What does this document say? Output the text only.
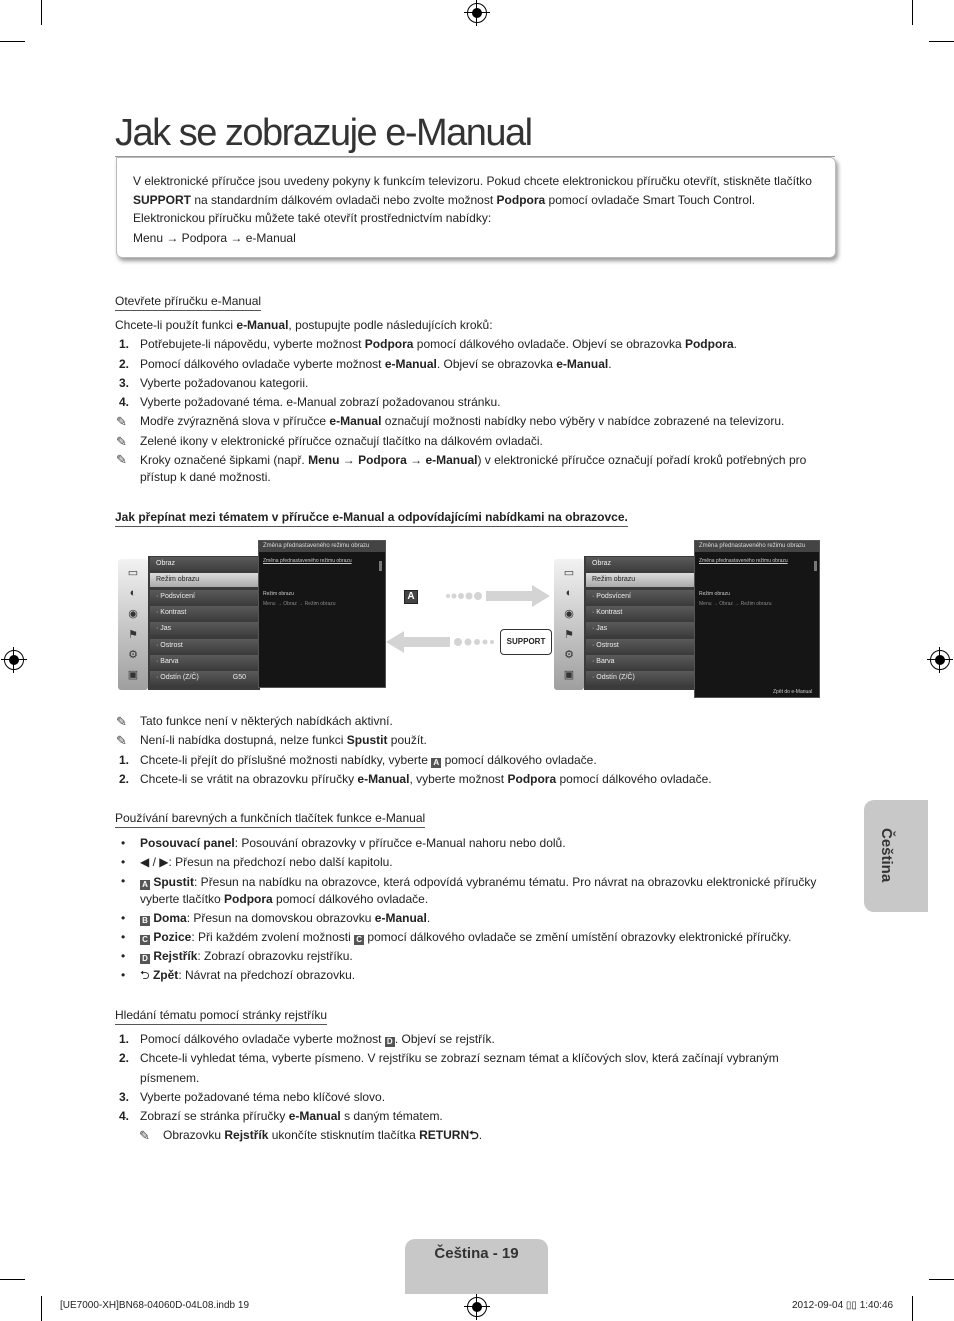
Jak se zobrazuje e-Manual

V elektronické příručce jsou uvedeny pokyny k funkcím televizoru. Pokud chcete elektronickou příručku otevřít, stiskněte tlačítko SUPPORT na standardním dálkovém ovladači nebo zvolte možnost Podpora pomocí ovladače Smart Touch Control.

Elektronickou příručku můžete také otevřít prostřednictvím nabídky:

Menu → Podpora → e-Manual

Otevřete příručku e-Manual
Chcete-li použít funkci e-Manual, postupujte podle následujících kroků:
1. Potřebujete-li nápovědu, vyberte možnost Podpora pomocí dálkového ovladače. Objeví se obrazovka Podpora.
2. Pomocí dálkového ovladače vyberte možnost e-Manual. Objeví se obrazovka e-Manual.
3. Vyberte požadovanou kategorii.
4. Vyberte požadované téma. e-Manual zobrazí požadovanou stránku.
✎ Modře zvýrazněná slova v příručce e-Manual označují možnosti nabídky nebo výběry v nabídce zobrazené na televizoru.
✎ Zelené ikony v elektronické příručce označují tlačítko na dálkovém ovladači.
✎ Kroky označené šipkami (např. Menu → Podpora → e-Manual) v elektronické příručce označují pořadí kroků potřebných pro přístup k dané možnosti.
Jak přepínat mezi tématem v příručce e-Manual a odpovídajícími nabídkami na obrazovce.
▭
◐
◉
⚑
⚙
▣
Obraz
Režim obrazu
· Podsvícení
· Kontrast
· Jas
· Ostrost
· Barva
· Odstín (Z/Č)	G50
Změna přednastaveného režimu obrazu
Změna přednastaveného režimu obrazu
Režim obrazu
Menu → Obraz → Režim obrazu
A
SUPPORT
▭
◐
◉
⚑
⚙
▣
Obraz
Režim obrazu
· Podsvícení
· Kontrast
· Jas
· Ostrost
· Barva
· Odstín (Z/Č)
Změna přednastaveného režimu obrazu
Změna přednastaveného režimu obrazu
Režim obrazu
Menu → Obraz → Režim obrazu
Zpět do e-Manual
✎ Tato funkce není v některých nabídkách aktivní.
✎ Není-li nabídka dostupná, nelze funkci Spustit použít.
1. Chcete-li přejít do příslušné možnosti nabídky, vyberte A pomocí dálkového ovladače.
2. Chcete-li se vrátit na obrazovku příručky e-Manual, vyberte možnost Podpora pomocí dálkového ovladače.
Používání barevných a funkčních tlačítek funkce e-Manual
• Posouvací panel: Posouvání obrazovky v příručce e-Manual nahoru nebo dolů.
• ◀ / ▶: Přesun na předchozí nebo další kapitolu.
• A Spustit: Přesun na nabídku na obrazovce, která odpovídá vybranému tématu. Pro návrat na obrazovku elektronické příručky vyberte tlačítko Podpora pomocí dálkového ovladače.
• B Doma: Přesun na domovskou obrazovku e-Manual.
• C Pozice: Při každém zvolení možnosti C pomocí dálkového ovladače se změní umístění obrazovky elektronické příručky.
• D Rejstřík: Zobrazí obrazovku rejstříku.
• ⮌ Zpět: Návrat na předchozí obrazovku.
Hledání tématu pomocí stránky rejstříku
1. Pomocí dálkového ovladače vyberte možnost D . Objeví se rejstřík.
2. Chcete-li vyhledat téma, vyberte písmeno. V rejstříku se zobrazí seznam témat a klíčových slov, která začínají vybraným písmenem.
3. Vyberte požadované téma nebo klíčové slovo.
4. Zobrazí se stránka příručky e-Manual s daným tématem.
✎ Obrazovku Rejstřík ukončíte stisknutím tlačítka RETURN⮌.
Čeština
Čeština - 19
[UE7000-XH]BN68-04060D-04L08.indb 19	2012-09-04 ▯▯ 1:40:46
